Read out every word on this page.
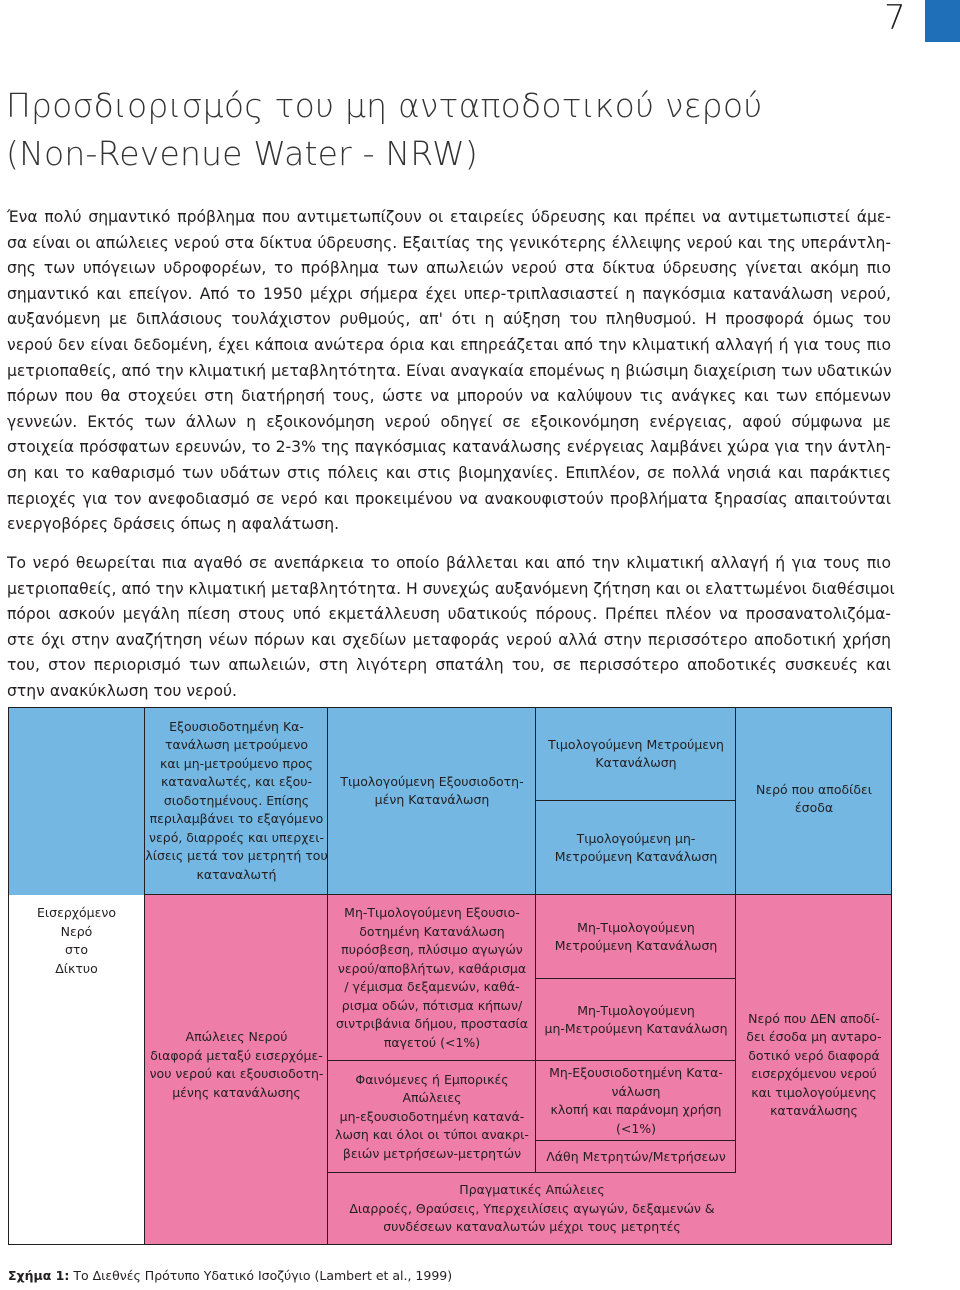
7
Προσδιορισμός του μη ανταποδοτικού νερού
(Non-Revenue Water - NRW)
Ένα πολύ σημαντικό πρόβλημα που αντιμετωπίζουν οι εταιρείες ύδρευσης και πρέπει να αντιμετωπιστεί άμε-
σα είναι οι απώλειες νερού στα δίκτυα ύδρευσης. Εξαιτίας της γενικότερης έλλειψης νερού και της υπεράντλη-
σης των υπόγειων υδροφορέων, το πρόβλημα των απωλειών νερού στα δίκτυα ύδρευσης γίνεται ακόμη πιο
σημαντικό και επείγον. Από το 1950 μέχρι σήμερα έχει υπερ-τριπλασιαστεί η παγκόσμια κατανάλωση νερού,
αυξανόμενη με διπλάσιους τουλάχιστον ρυθμούς, απ' ότι η αύξηση του πληθυσμού. Η προσφορά όμως του
νερού δεν είναι δεδομένη, έχει κάποια ανώτερα όρια και επηρεάζεται από την κλιματική αλλαγή ή για τους πιο
μετριοπαθείς, από την κλιματική μεταβλητότητα. Είναι αναγκαία επομένως η βιώσιμη διαχείριση των υδατικών
πόρων που θα στοχεύει στη διατήρησή τους, ώστε να μπορούν να καλύψουν τις ανάγκες και των επόμενων
γεννεών. Εκτός των άλλων η εξοικονόμηση νερού οδηγεί σε εξοικονόμηση ενέργειας, αφού σύμφωνα με
στοιχεία πρόσφατων ερευνών, το 2-3% της παγκόσμιας κατανάλωσης ενέργειας λαμβάνει χώρα για την άντλη-
ση και το καθαρισμό των υδάτων στις πόλεις και στις βιομηχανίες. Επιπλέον, σε πολλά νησιά και παράκτιες
περιοχές για τον ανεφοδιασμό σε νερό και προκειμένου να ανακουφιστούν προβλήματα ξηρασίας απαιτούνται
ενεργοβόρες δράσεις όπως η αφαλάτωση.
Το νερό θεωρείται πια αγαθό σε ανεπάρκεια το οποίο βάλλεται και από την κλιματική αλλαγή ή για τους πιο
μετριοπαθείς, από την κλιματική μεταβλητότητα. Η συνεχώς αυξανόμενη ζήτηση και οι ελαττωμένοι διαθέσιμοι
πόροι ασκούν μεγάλη πίεση στους υπό εκμετάλλευση υδατικούς πόρους. Πρέπει πλέον να προσανατολιζόμα-
στε όχι στην αναζήτηση νέων πόρων και σχεδίων μεταφοράς νερού αλλά στην περισσότερο αποδοτική χρήση
του, στον περιορισμό των απωλειών, στη λιγότερη σπατάλη του, σε περισσότερο αποδοτικές συσκευές και
στην ανακύκλωση του νερού.
Εισερχόμενο
Νερό
στο
Δίκτυο
Εξουσιοδοτημένη Κα-
τανάλωση μετρούμενο
και μη-μετρούμενο προς
καταναλωτές, και εξου-
σιοδοτημένους. Επίσης
περιλαμβάνει το εξαγόμενο
νερό, διαρροές και υπερχει-
λίσεις μετά τον μετρητή του
καταναλωτή
Απώλειες Νερού
διαφορά μεταξύ εισερχόμε-
νου νερού και εξουσιοδοτη-
μένης κατανάλωσης
Τιμολογούμενη Εξουσιοδοτη-
μένη Κατανάλωση
Μη-Τιμολογούμενη Εξουσιο-
δοτημένη Κατανάλωση
πυρόσβεση, πλύσιμο αγωγών
νερού/αποβλήτων, καθάρισμα
/ γέμισμα δεξαμενών, καθά-
ρισμα οδών, πότισμα κήπων/
σιντριβάνια δήμου, προστασία
παγετού (<1%)
Φαινόμενες ή Εμπορικές
Απώλειες
μη-εξουσιοδοτημένη καταvά-
λωση και όλοι οι τύποι ανακρι-
βειών μετρήσεων-μετρητών
Τιμολογούμενη Μετρούμενη
Κατανάλωση
Τιμολογούμενη μη-
Μετρούμενη Κατανάλωση
Μη-Τιμολογούμενη
Μετρούμενη Κατανάλωση
Μη-Τιμολογούμενη
μη-Μετρούμενη Κατανάλωση
Μη-Εξουσιοδοτημένη Κατα-
νάλωση
κλοπή και παράνομη χρήση
(<1%)
Λάθη Μετρητών/Μετρήσεων
Πραγματικές Απώλειες
Διαρροές, Θραύσεις, Υπερχειλίσεις αγωγών, δεξαμενών &
συνδέσεων καταναλωτών μέχρι τους μετρητές
Νερό που αποδίδει
έσοδα
Νερό που ΔΕΝ αποδί-
δει έσοδα μη αντapo-
δοτικό νερό διαφορά
εισερχόμενου νερού
και τιμολογούμενης
κατανάλωσης
Σχήμα 1: Το Διεθνές Πρότυπο Υδατικό Ισοζύγιο (Lambert et al., 1999)
